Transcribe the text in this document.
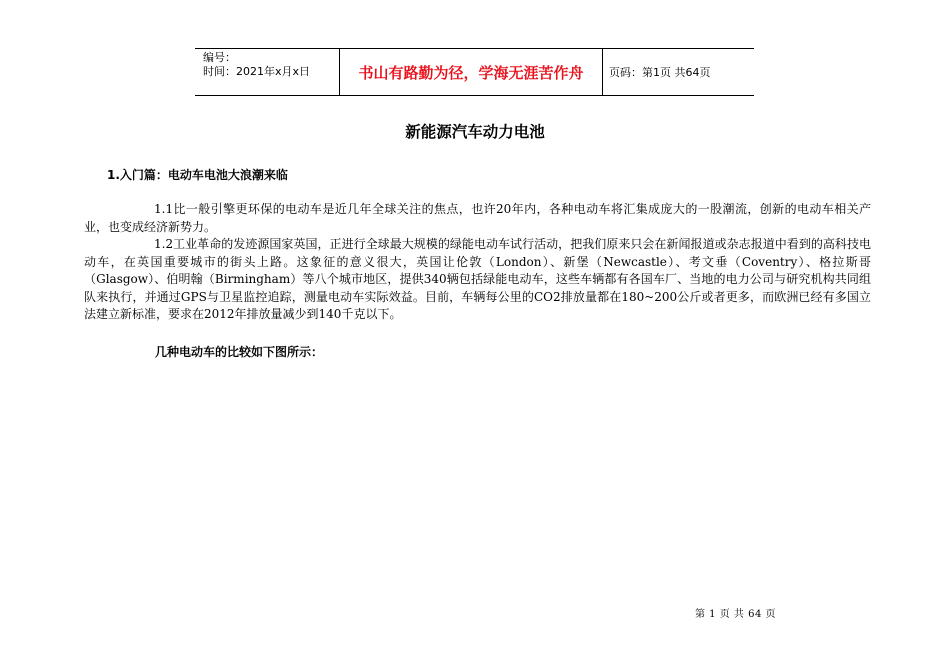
编号：
时间：2021年x月x日	书山有路勤为径，学海无涯苦作舟	页码：第1页 共64页
新能源汽车动力电池
1.入门篇：电动车电池大浪潮来临

1.1比一般引擎更环保的电动车是近几年全球关注的焦点，也许20年内，各种电动车将汇集成庞大的一股潮流，创新的电动车相关产业，也变成经济新势力。

1.2工业革命的发迹源国家英国，正进行全球最大规模的绿能电动车试行活动，把我们原来只会在新闻报道或杂志报道中看到的高科技电动车，在英国重要城市的街头上路。这象征的意义很大，英国让伦敦（London）、新堡（Newcastle）、考文垂（Coventry）、格拉斯哥（Glasgow）、伯明翰（Birmingham）等八个城市地区，提供340辆包括绿能电动车，这些车辆都有各国车厂、当地的电力公司与研究机构共同组队来执行，并通过GPS与卫星监控追踪，测量电动车实际效益。目前，车辆每公里的CO2排放量都在180~200公斤或者更多，而欧洲已经有多国立法建立新标准，要求在2012年排放量减少到140千克以下。

几种电动车的比较如下图所示：
第 1 页 共 64 页
